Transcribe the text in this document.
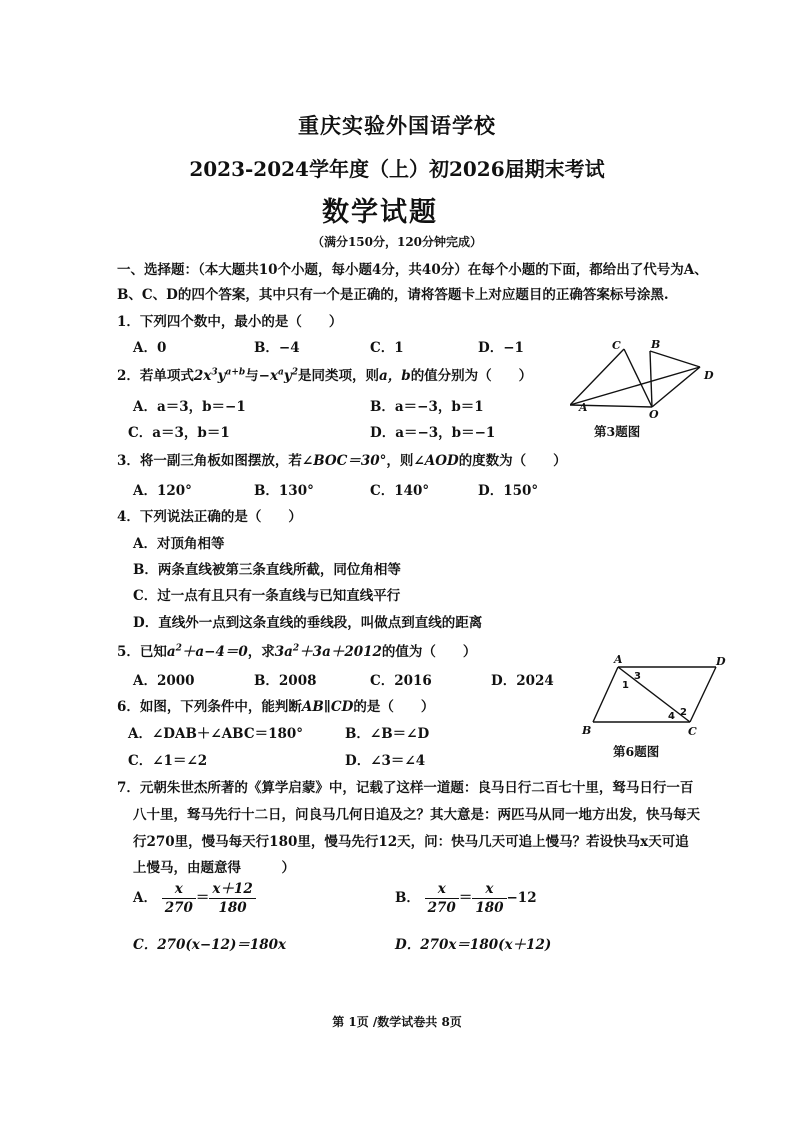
重庆实验外国语学校
2023-2024学年度（上）初2026届期末考试
数学试题
（满分150分，120分钟完成）
一、选择题：（本大题共10个小题，每小题4分，共40分）在每个小题的下面，都给出了代号为A、
B、C、D的四个答案，其中只有一个是正确的，请将答题卡上对应题目的正确答案标号涂黑.
1．下列四个数中，最小的是（　　）
A．0	B．−4	C．1	D．−1	C	B
D
A
O
第3题图
2．若单项式$2x^3y^{a+b}$与$-x^ay^2$是同类项，则a，b的值分别为（　　）
A．a＝3，b＝−1	B．a＝−3，b＝1
C．a＝3，b＝1	D．a＝−3，b＝−1
3．将一副三角板如图摆放，若∠BOC＝30°，则∠AOD的度数为（　　）
A．120°	B．130°	C．140°	D．150°
4．下列说法正确的是（　　）
A．对顶角相等
B．两条直线被第三条直线所截，同位角相等
C．过一点有且只有一条直线与已知直线平行
D．直线外一点到这条直线的垂线段，叫做点到直线的距离
5．已知$a^2+a-4=0$，求$3a^2+3a+2012$的值为（　　）
A．2000	B．2008	C．2016	D．2024
A	D
B	C
1
3
2
4
第6题图
6．如图，下列条件中，能判断AB∥CD的是（　　）
A．∠DAB＋∠ABC＝180°	B．∠B＝∠D
C．∠1＝∠2	D．∠3＝∠4
7．元朝朱世杰所著的《算学启蒙》中，记载了这样一道题：良马日行二百七十里，驽马日行一百
八十里，驽马先行十二日，问良马几何日追及之？其大意是：两匹马从同一地方出发，快马每天
行270里，慢马每天行180里，慢马先行12天，问：快马几天可追上慢马？若设快马x天可追
上慢马，由题意得　　　）
A． $\frac{x}{270} = \frac{x+12}{180}$	B． $\frac{x}{270} = \frac{x}{180} -12$
C．270(x−12)＝180x	D．270x＝180(x＋12)
第 1页 /数学试卷共 8页
